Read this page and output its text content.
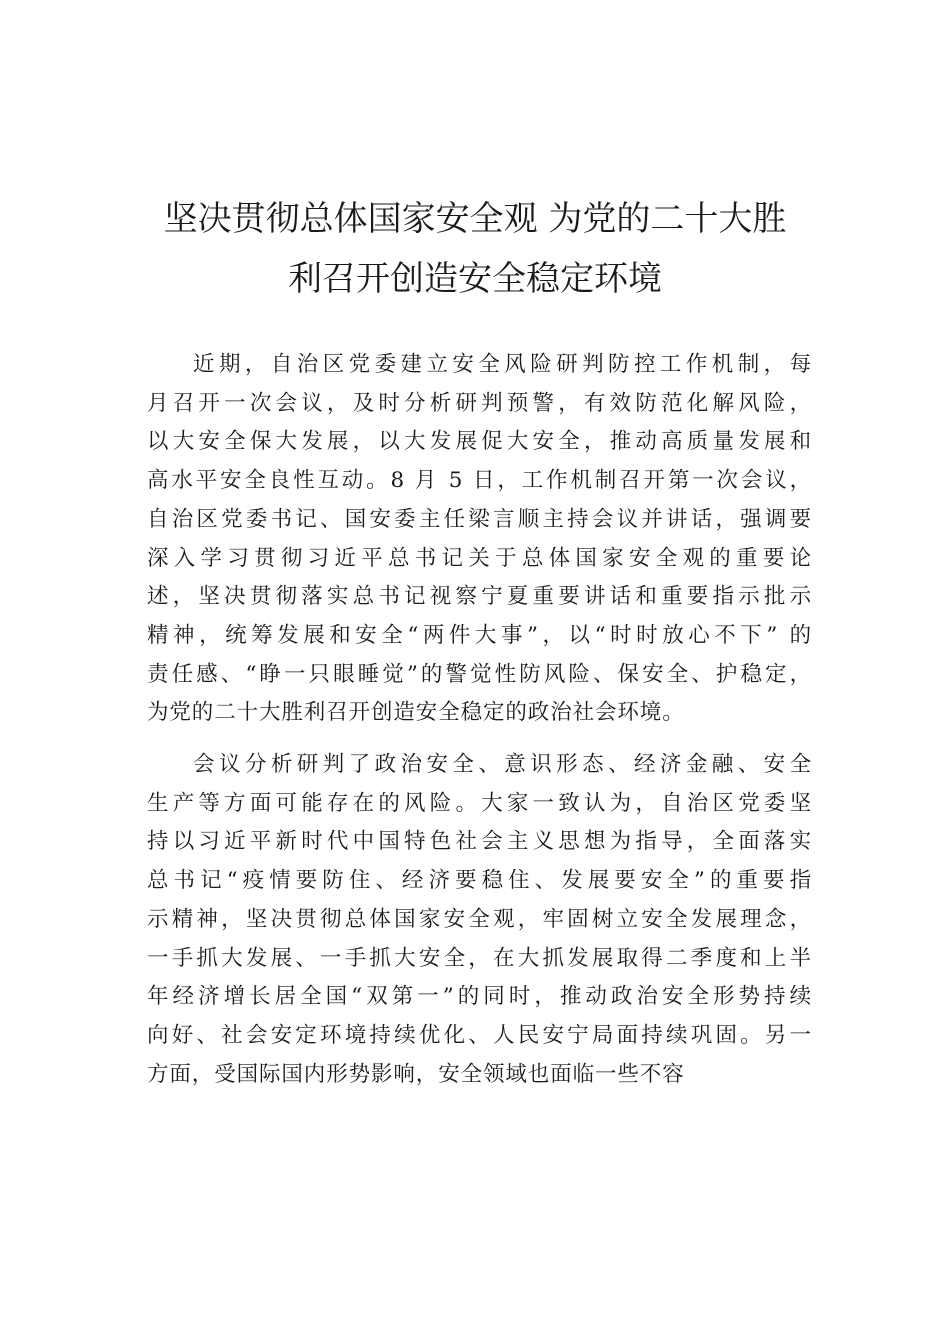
坚决贯彻总体国家安全观 为党的二十大胜
利召开创造安全稳定环境
近期，自治区党委建立安全风险研判防控工作机制，每
月召开一次会议，及时分析研判预警，有效防范化解风险，
以大安全保大发展，以大发展促大安全，推动高质量发展和
高水平安全良性互动。8 月 5 日，工作机制召开第一次会议，
自治区党委书记、国安委主任梁言顺主持会议并讲话，强调要
深入学习贯彻习近平总书记关于总体国家安全观的重要论
述，坚决贯彻落实总书记视察宁夏重要讲话和重要指示批示
精神，统筹发展和安全“两件大事”，以“时时放心不下” 的
责任感、“睁一只眼睡觉”的警觉性防风险、保安全、护稳定，
为党的二十大胜利召开创造安全稳定的政治社会环境。
会议分析研判了政治安全、意识形态、经济金融、安全
生产等方面可能存在的风险。大家一致认为，自治区党委坚
持以习近平新时代中国特色社会主义思想为指导，全面落实
总书记“疫情要防住、经济要稳住、发展要安全”的重要指
示精神，坚决贯彻总体国家安全观，牢固树立安全发展理念，
一手抓大发展、一手抓大安全，在大抓发展取得二季度和上半
年经济增长居全国“双第一”的同时，推动政治安全形势持续
向好、社会安定环境持续优化、人民安宁局面持续巩固。另一
方面，受国际国内形势影响，安全领域也面临一些不容
